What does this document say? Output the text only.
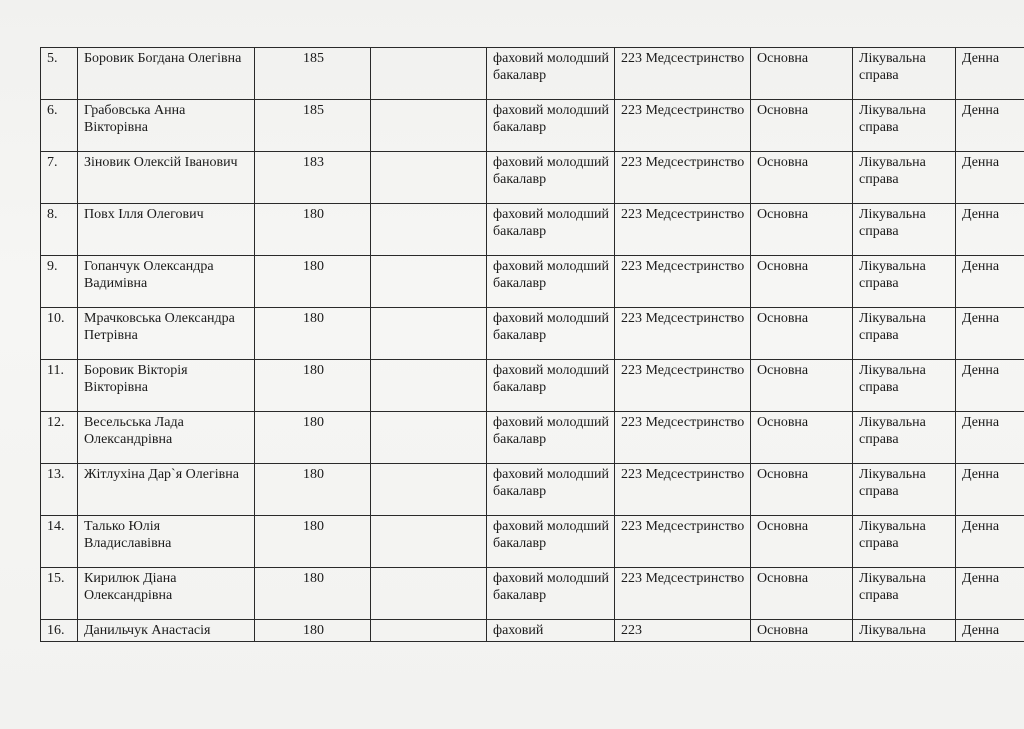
5.	Боровик Богдана Олегівна	185		фаховий молодший бакалавр	223 Медсестринство	Основна	Лікувальна справа	Денна
6.	Грабовська Анна Вікторівна	185		фаховий молодший бакалавр	223 Медсестринство	Основна	Лікувальна справа	Денна
7.	Зіновик Олексій Іванович	183		фаховий молодший бакалавр	223 Медсестринство	Основна	Лікувальна справа	Денна
8.	Повх Ілля Олегович	180		фаховий молодший бакалавр	223 Медсестринство	Основна	Лікувальна справа	Денна
9.	Гопанчук Олександра Вадимівна	180		фаховий молодший бакалавр	223 Медсестринство	Основна	Лікувальна справа	Денна
10.	Мрачковська Олександра Петрівна	180		фаховий молодший бакалавр	223 Медсестринство	Основна	Лікувальна справа	Денна
11.	Боровик Вікторія Вікторівна	180		фаховий молодший бакалавр	223 Медсестринство	Основна	Лікувальна справа	Денна
12.	Весельська Лада Олександрівна	180		фаховий молодший бакалавр	223 Медсестринство	Основна	Лікувальна справа	Денна
13.	Жітлухіна Дар`я Олегівна	180		фаховий молодший бакалавр	223 Медсестринство	Основна	Лікувальна справа	Денна
14.	Талько Юлія Владиславівна	180		фаховий молодший бакалавр	223 Медсестринство	Основна	Лікувальна справа	Денна
15.	Кирилюк Діана Олександрівна	180		фаховий молодший бакалавр	223 Медсестринство	Основна	Лікувальна справа	Денна
16.	Данильчук Анастасія	180		фаховий	223	Основна	Лікувальна	Денна
